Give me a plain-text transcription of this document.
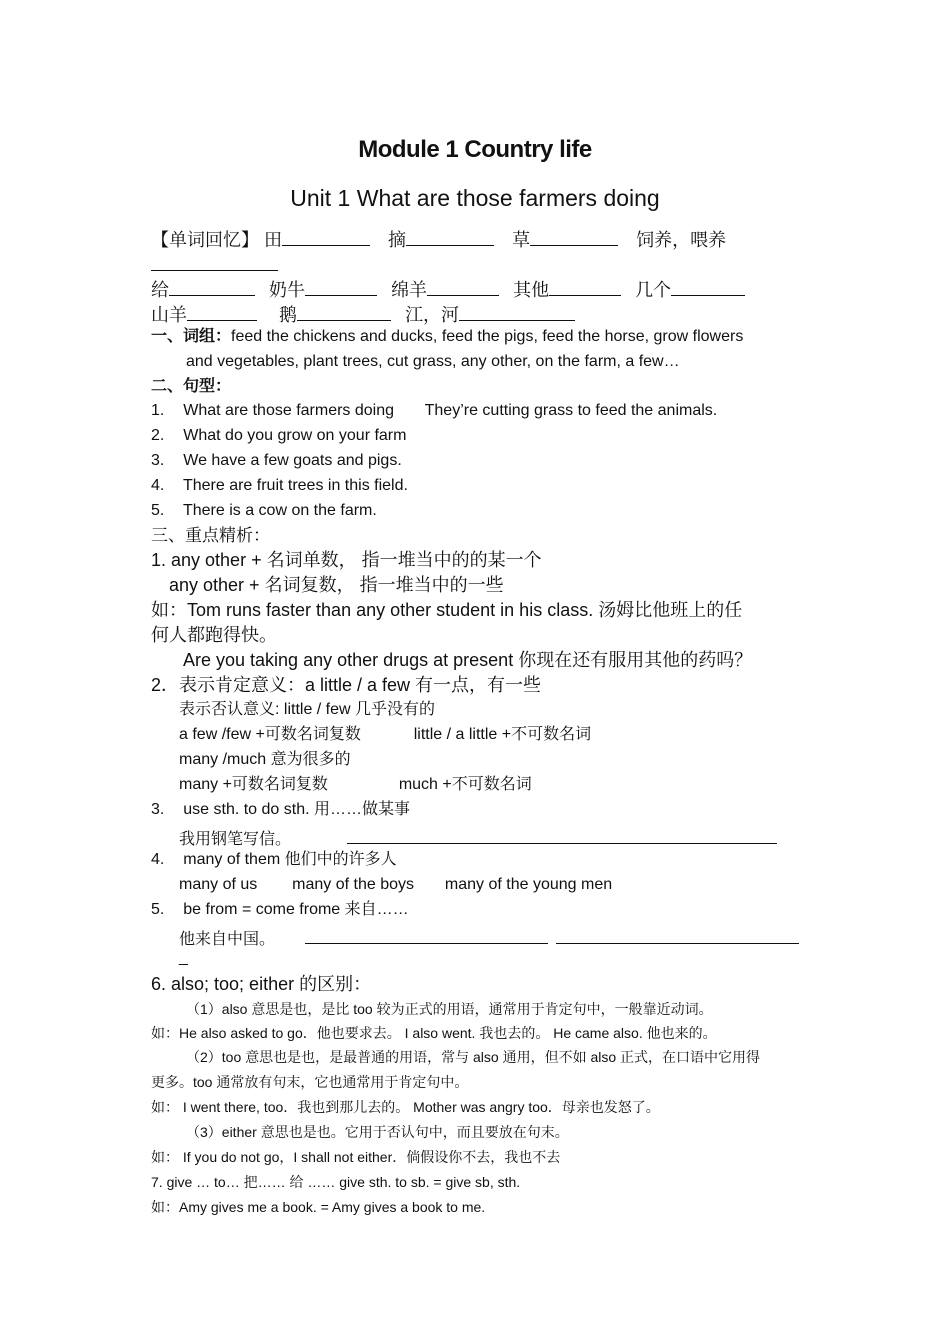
Module 1 Country life
Unit 1 What are those farmers doing
【单词回忆】 田	摘	草	饲养，喂养
给	奶牛	绵羊	其他	几个
山羊	鹅	江，河
一、词组：feed the chickens and ducks, feed the pigs, feed the horse, grow flowers
and vegetables, plant trees, cut grass, any other, on the farm, a few…
二、句型：
1. What are those farmers doing They’re cutting grass to feed the animals.
2. What do you grow on your farm
3. We have a few goats and pigs.
4. There are fruit trees in this field.
5. There is a cow on the farm.
三、重点精析：
1. any other + 名词单数， 指一堆当中的的某一个
any other + 名词复数， 指一堆当中的一些
如：Tom runs faster than any other student in his class. 汤姆比他班上的任
何人都跑得快。
Are you taking any other drugs at present 你现在还有服用其他的药吗？
2．表示肯定意义：a little / a few 有一点，有一些
表示否认意义: little / few 几乎没有的
a few /few +可数名词复数	little / a little +不可数名词
many /much 意为很多的
many +可数名词复数	much +不可数名词
3. use sth. to do sth. 用……做某事
我用钢笔写信。
4. many of them 他们中的许多人
many of us many of the boys many of the young men
5. be from = come frome 来自……
他来自中国。
_
6. also; too; either 的区别：
（1）also 意思是也，是比 too 较为正式的用语，通常用于肯定句中，一般靠近动词。
如：He also asked to go．他也要求去。 I also went. 我也去的。 He came also. 他也来的。
（2）too 意思也是也，是最普通的用语，常与 also 通用，但不如 also 正式，在口语中它用得
更多。too 通常放有句末，它也通常用于肯定句中。
如： I went there, too．我也到那儿去的。 Mother was angry too．母亲也发怒了。
（3）either 意思也是也。它用于否认句中，而且要放在句末。
如： If you do not go，I shall not either．倘假设你不去，我也不去
7. give … to… 把…… 给 …… give sth. to sb. = give sb, sth.
如：Amy gives me a book. = Amy gives a book to me.
